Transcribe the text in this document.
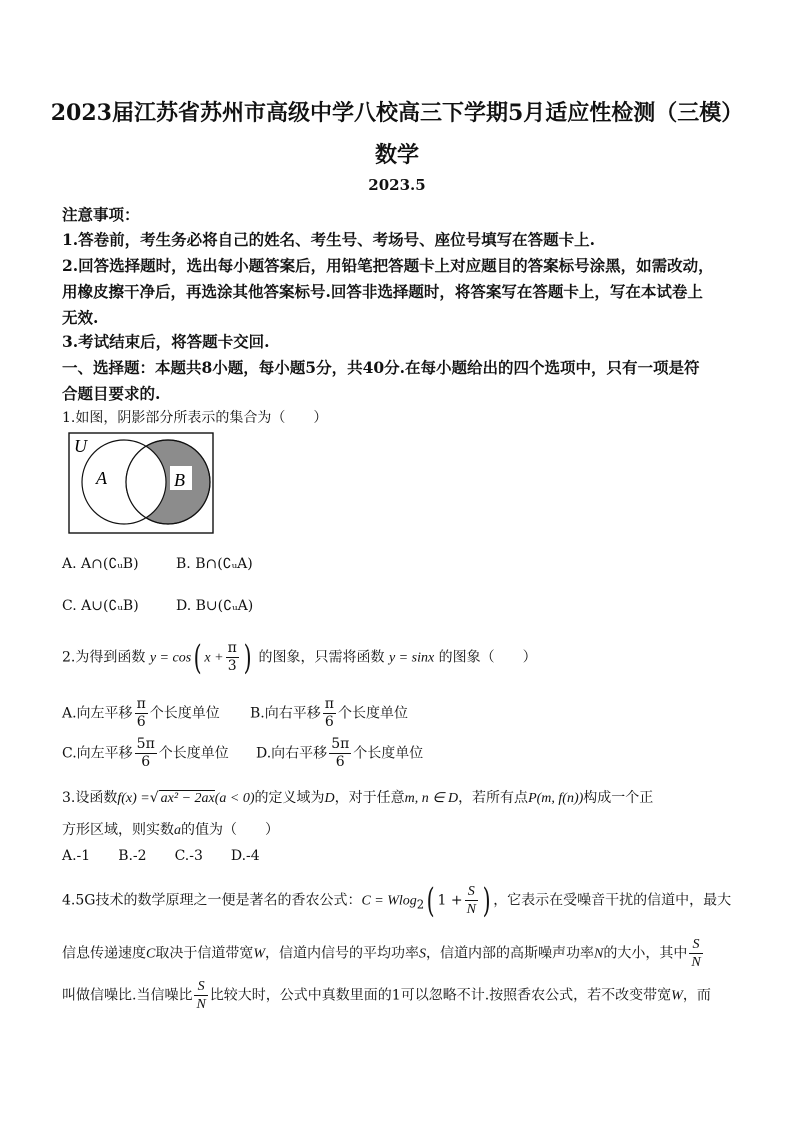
2023届江苏省苏州市高级中学八校高三下学期5月适应性检测（三模）
数学
2023.5
注意事项：
1.答卷前，考生务必将自己的姓名、考生号、考场号、座位号填写在答题卡上.
2.回答选择题时，选出每小题答案后，用铅笔把答题卡上对应题目的答案标号涂黑，如需改动，
用橡皮擦干净后，再选涂其他答案标号.回答非选择题时，将答案写在答题卡上，写在本试卷上
无效.
3.考试结束后，将答题卡交回.
一、选择题：本题共8小题，每小题5分，共40分.在每小题给出的四个选项中，只有一项是符
合题目要求的.
1.如图，阴影部分所表示的集合为（　　）
U
A	B
A. A∩(∁ᵤB)	B. B∩(∁ᵤA)
C. A∪(∁ᵤB)	D. B∪(∁ᵤA)
2.为得到函数 y = cos( $x + \frac{\pi}{3}$ ) 的图象，只需将函数 y = sinx 的图象（　　）
A.向左平移 $\frac{\pi}{6}$ 个长度单位 B.向右平移 $\frac{\pi}{6}$ 个长度单位
C.向左平移 $\frac{5\pi}{6}$ 个长度单位 D.向右平移 $\frac{5\pi}{6}$ 个长度单位
3.设函数f(x) =√ ax² − 2ax(a < 0)的定义域为D，对于任意m, n ∈ D，若所有点P(m, f(n))构成一个正
方形区域，则实数a的值为（　　）
A.-1　　B.-2　　C.-3　　D.-4
4.5G技术的数学原理之一便是著名的香农公式：C = Wlog$_2$( $1 + \frac{S}{N}$ ) ，它表示在受噪音干扰的信道中，最大
信息传递速度C取决于信道带宽W，信道内信号的平均功率S，信道内部的高斯噪声功率N的大小，其中 $\frac{S}{N}$
叫做信噪比.当信噪比 $\frac{S}{N}$ 比较大时，公式中真数里面的1可以忽略不计.按照香农公式，若不改变带宽W，而
